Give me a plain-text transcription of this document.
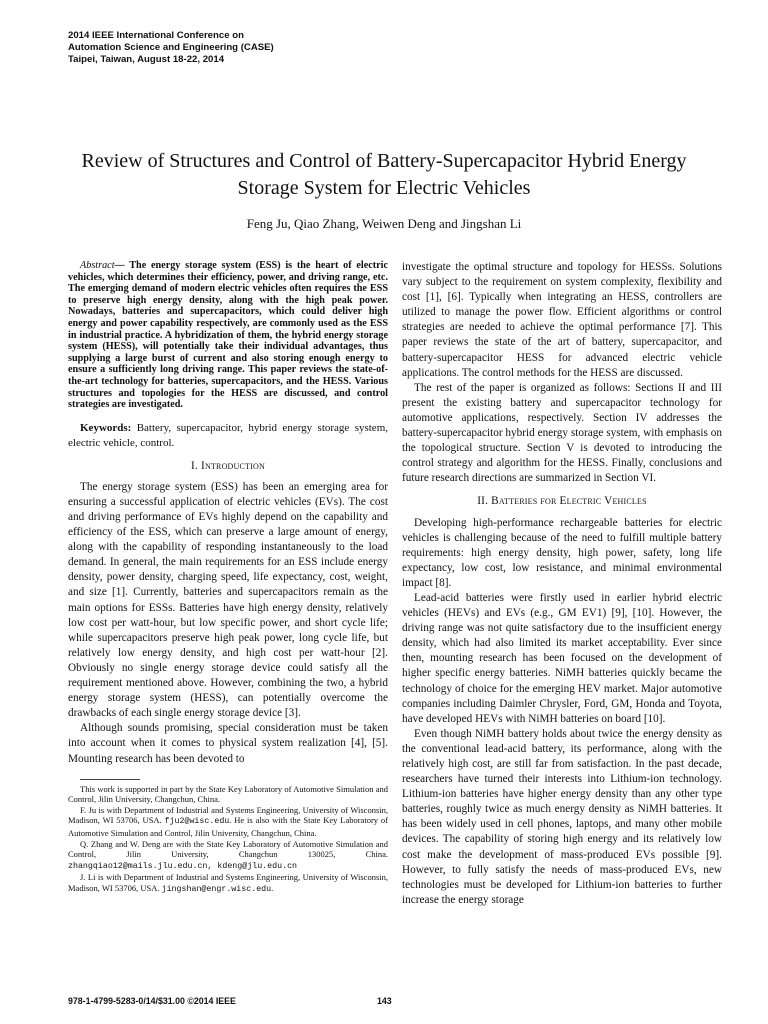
2014 IEEE International Conference on
Automation Science and Engineering (CASE)
Taipei, Taiwan, August 18-22, 2014
Review of Structures and Control of Battery-Supercapacitor Hybrid Energy Storage System for Electric Vehicles
Feng Ju, Qiao Zhang, Weiwen Deng and Jingshan Li

Abstract— The energy storage system (ESS) is the heart of electric vehicles, which determines their efficiency, power, and driving range, etc. The emerging demand of modern electric vehicles often requires the ESS to preserve high energy density, along with the high peak power. Nowadays, batteries and supercapacitors, which could deliver high energy and power capability respectively, are commonly used as the ESS in industrial practice. A hybridization of them, the hybrid energy storage system (HESS), will potentially take their individual advantages, thus supplying a large burst of current and also storing enough energy to ensure a sufficiently long driving range. This paper reviews the state-of-the-art technology for batteries, supercapacitors, and the HESS. Various structures and topologies for the HESS are discussed, and control strategies are investigated.

Keywords: Battery, supercapacitor, hybrid energy storage system, electric vehicle, control.

I. Introduction

The energy storage system (ESS) has been an emerging area for ensuring a successful application of electric vehicles (EVs). The cost and driving performance of EVs highly depend on the capability and efficiency of the ESS, which can preserve a large amount of energy, along with the capability of responding instantaneously to the load demand. In general, the main requirements for an ESS include energy density, power density, charging speed, life expectancy, cost, weight, and size [1]. Currently, batteries and supercapacitors remain as the main options for ESSs. Batteries have high energy density, relatively low cost per watt-hour, but low specific power, and short cycle life; while supercapacitors preserve high peak power, long cycle life, but relatively low energy density, and high cost per watt-hour [2]. Obviously no single energy storage device could satisfy all the requirement mentioned above. However, combining the two, a hybrid energy storage system (HESS), can potentially overcome the drawbacks of each single energy storage device [3].

Although sounds promising, special consideration must be taken into account when it comes to physical system realization [4], [5]. Mounting research has been devoted to

This work is supported in part by the State Key Laboratory of Automotive Simulation and Control, Jilin University, Changchun, China.

F. Ju is with Department of Industrial and Systems Engineering, University of Wisconsin, Madison, WI 53706, USA. fju2@wisc.edu. He is also with the State Key Laboratory of Automotive Simulation and Control, Jilin University, Changchun, China.

Q. Zhang and W. Deng are with the State Key Laboratory of Automotive Simulation and Control, Jilin University, Changchun 130025, China. zhangqiao12@mails.jlu.edu.cn, kdeng@jlu.edu.cn

J. Li is with Department of Industrial and Systems Engineering, University of Wisconsin, Madison, WI 53706, USA. jingshan@engr.wisc.edu.

investigate the optimal structure and topology for HESSs. Solutions vary subject to the requirement on system complexity, flexibility and cost [1], [6]. Typically when integrating an HESS, controllers are utilized to manage the power flow. Efficient algorithms or control strategies are needed to achieve the optimal performance [7]. This paper reviews the state of the art of battery, supercapacitor, and battery-supercapacitor HESS for advanced electric vehicle applications. The control methods for the HESS are discussed.

The rest of the paper is organized as follows: Sections II and III present the existing battery and supercapacitor technology for automotive applications, respectively. Section IV addresses the battery-supercapacitor hybrid energy storage system, with emphasis on the topological structure. Section V is devoted to introducing the control strategy and algorithm for the HESS. Finally, conclusions and future research directions are summarized in Section VI.

II. Batteries for Electric Vehicles

Developing high-performance rechargeable batteries for electric vehicles is challenging because of the need to fulfill multiple battery requirements: high energy density, high power, safety, long life expectancy, low cost, low resistance, and minimal environmental impact [8].

Lead-acid batteries were firstly used in earlier hybrid electric vehicles (HEVs) and EVs (e.g., GM EV1) [9], [10]. However, the driving range was not quite satisfactory due to the insufficient energy density, which had also limited its market acceptability. Ever since then, mounting research has been focused on the development of higher specific energy batteries. NiMH batteries quickly became the technology of choice for the emerging HEV market. Major automotive companies including Daimler Chrysler, Ford, GM, Honda and Toyota, have developed HEVs with NiMH batteries on board [10].

Even though NiMH battery holds about twice the energy density as the conventional lead-acid battery, its performance, along with the relatively high cost, are still far from satisfaction. In the past decade, researchers have turned their interests into Lithium-ion technology. Lithium-ion batteries have higher energy density than any other type batteries, roughly twice as much energy density as NiMH batteries. It has been widely used in cell phones, laptops, and many other mobile devices. The capability of storing high energy and its relatively low cost make the development of mass-produced EVs possible [9]. However, to fully satisfy the needs of mass-produced EVs, new technologies must be developed for Lithium-ion batteries to further increase the energy storage

978-1-4799-5283-0/14/$31.00 ©2014 IEEE	143
